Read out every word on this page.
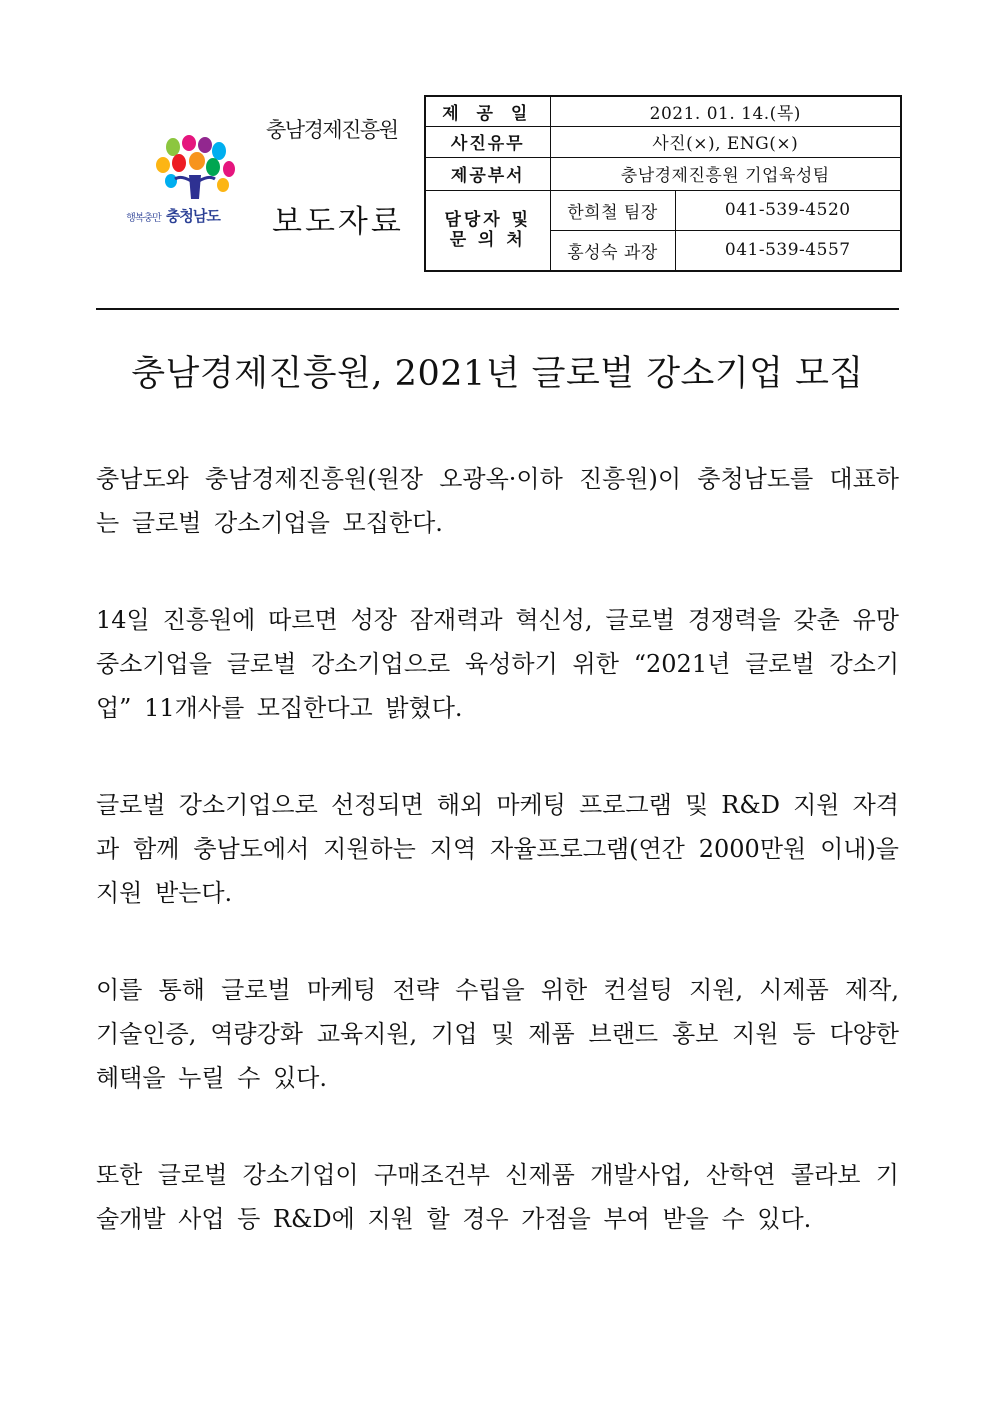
행복충만 충청남도
충남경제진흥원
보도자료
제 공 일	2021. 01. 14.(목)	
사진유무	사진(×), ENG(×)	
제공부서	충남경제진흥원 기업육성팀	

담당자 및
문 의 처	한희철 팀장	041-539-4520
	홍성숙 과장	041-539-4557
충남경제진흥원, 2021년 글로벌 강소기업 모집

충남도와 충남경제진흥원(원장 오광옥·이하 진흥원)이 충청남도를 대표하는 글로벌 강소기업을 모집한다.

14일 진흥원에 따르면 성장 잠재력과 혁신성, 글로벌 경쟁력을 갖춘 유망 중소기업을 글로벌 강소기업으로 육성하기 위한 “2021년 글로벌 강소기업” 11개사를 모집한다고 밝혔다.

글로벌 강소기업으로 선정되면 해외 마케팅 프로그램 및 R&D 지원 자격과 함께 충남도에서 지원하는 지역 자율프로그램(연간 2000만원 이내)을 지원 받는다.

이를 통해 글로벌 마케팅 전략 수립을 위한 컨설팅 지원, 시제품 제작, 기술인증, 역량강화 교육지원, 기업 및 제품 브랜드 홍보 지원 등 다양한 혜택을 누릴 수 있다.

또한 글로벌 강소기업이 구매조건부 신제품 개발사업, 산학연 콜라보 기술개발 사업 등 R&D에 지원 할 경우 가점을 부여 받을 수 있다.
